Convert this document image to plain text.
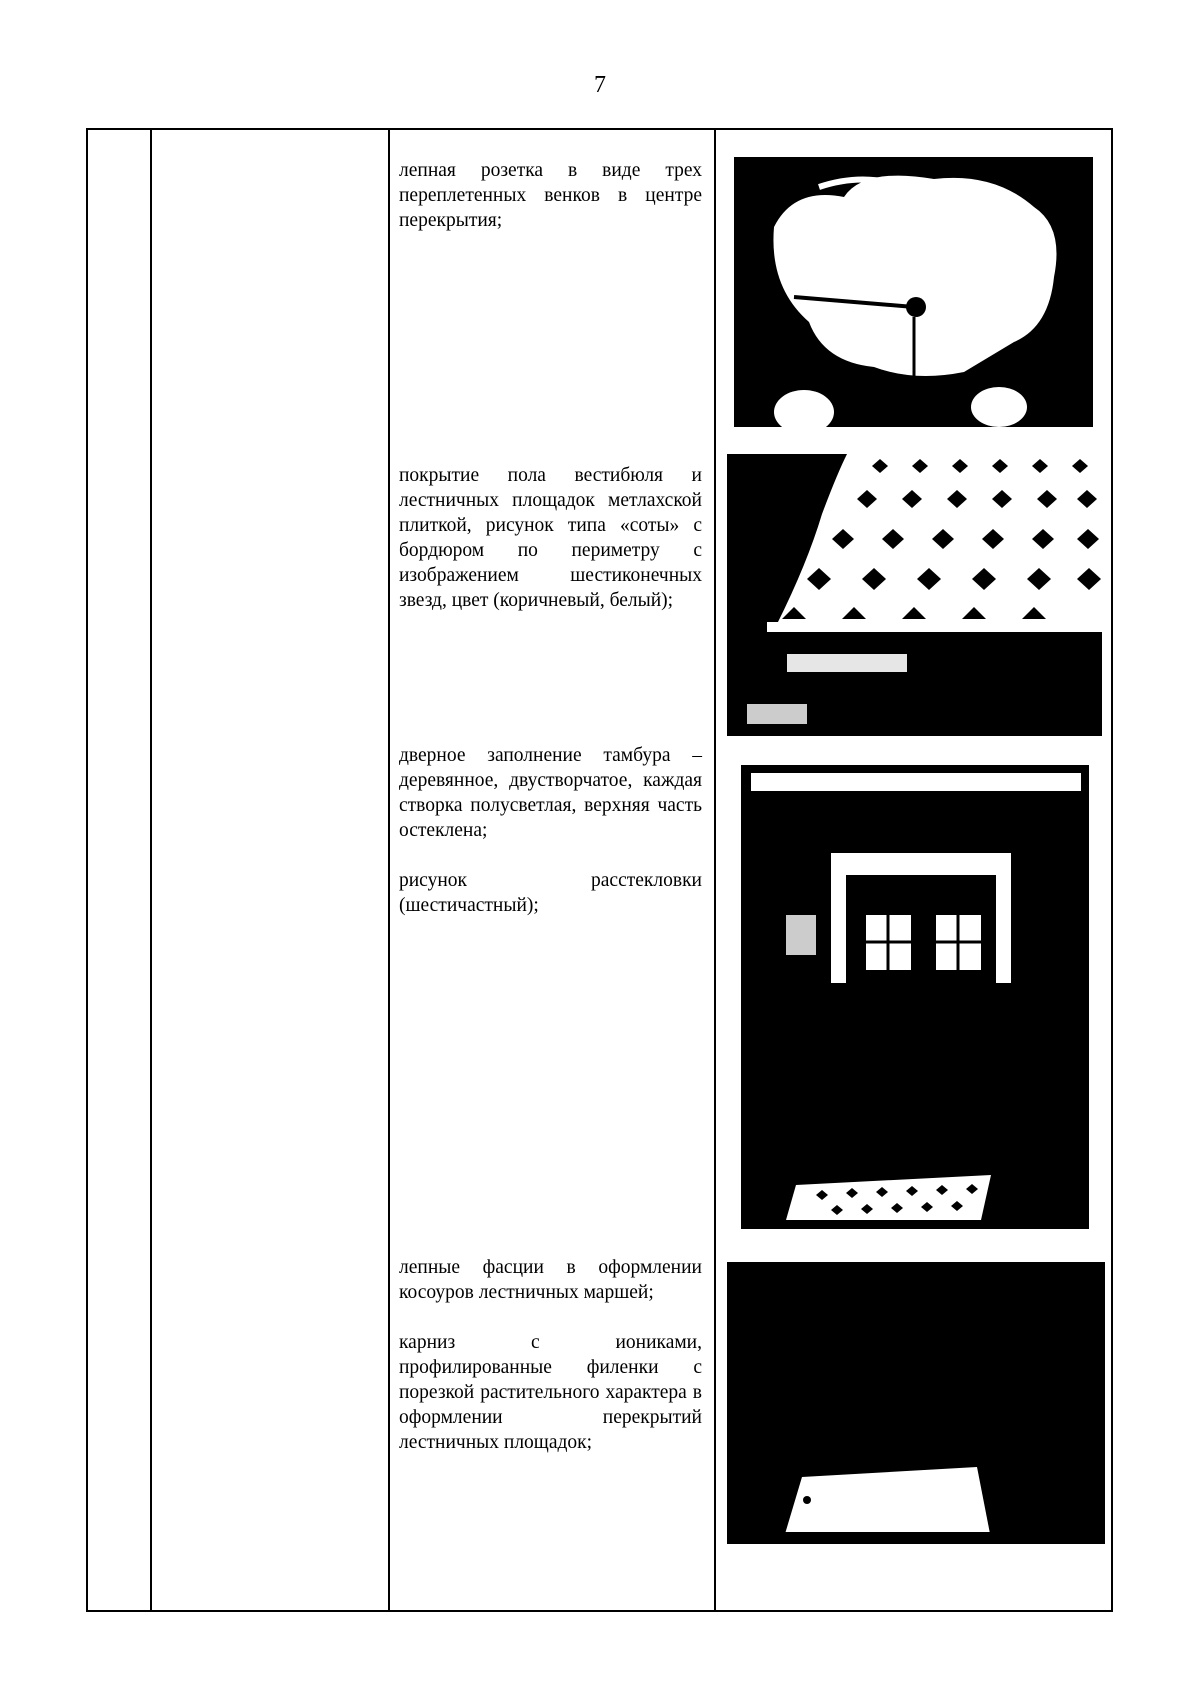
7

лепная розетка в виде трех переплетенных венков в центре перекрытия;

покрытие пола вестибюля и лестничных площадок метлахской плиткой, рисунок типа «соты» с бордюром по периметру с изображением шестиконечных звезд, цвет (коричневый, белый);

дверное заполнение тамбура – деревянное, двустворчатое, каждая створка полусветлая, верхняя часть остеклена;

рисунок расстекловки (шестичастный);

лепные фасции в оформлении косоуров лестничных маршей;

карниз с иониками, профилированные филенки с порезкой растительного характера в оформлении перекрытий лестничных площадок;
